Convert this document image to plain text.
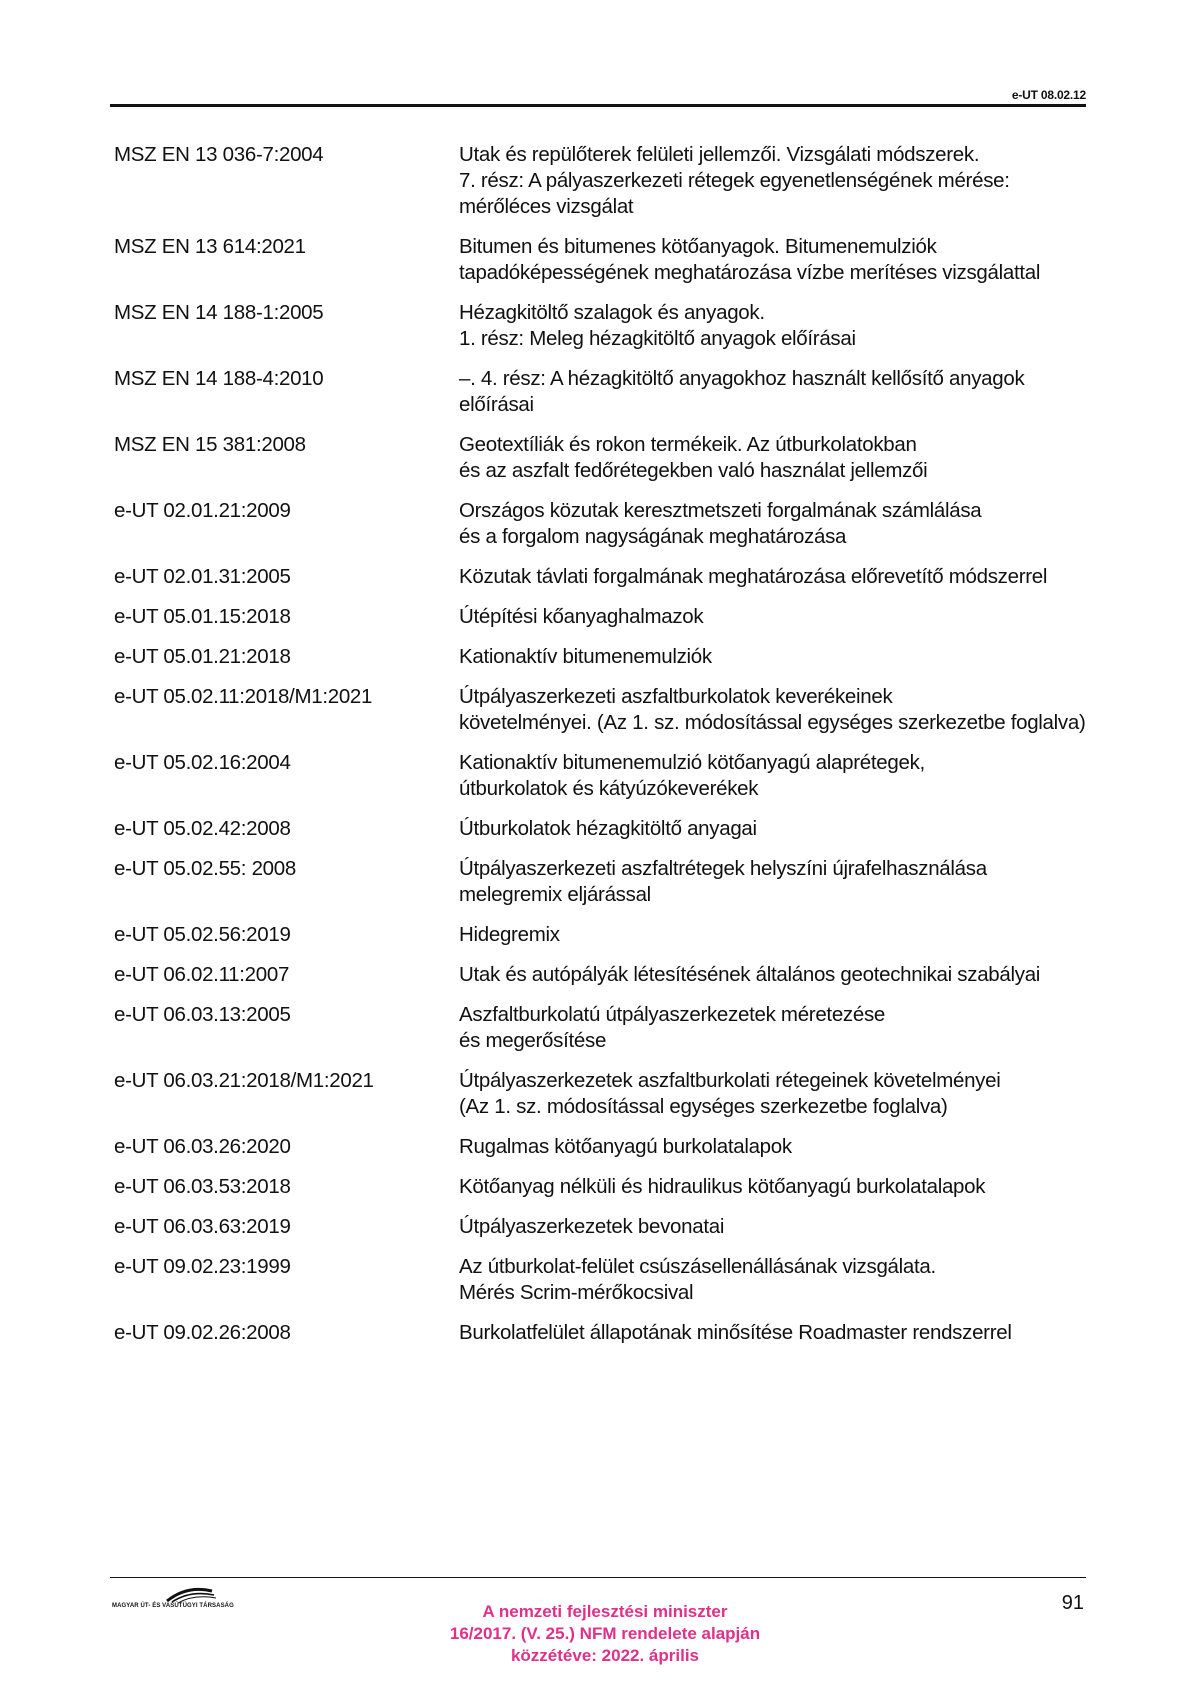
e-UT 08.02.12
MSZ EN 13 036-7:2004	Utak és repülőterek felületi jellemzői. Vizsgálati módszerek.
7. rész: A pályaszerkezeti rétegek egyenetlenségének mérése: mérőléces vizsgálat
MSZ EN 13 614:2021	Bitumen és bitumenes kötőanyagok. Bitumenemulziók tapadóképességének meghatározása vízbe merítéses vizsgálattal
MSZ EN 14 188-1:2005	Hézagkitöltő szalagok és anyagok.
1. rész: Meleg hézagkitöltő anyagok előírásai
MSZ EN 14 188-4:2010	–. 4. rész: A hézagkitöltő anyagokhoz használt kellősítő anyagok előírásai
MSZ EN 15 381:2008	Geotextíliák és rokon termékeik. Az útburkolatokban
és az aszfalt fedőrétegekben való használat jellemzői
e-UT 02.01.21:2009	Országos közutak keresztmetszeti forgalmának számlálása
és a forgalom nagyságának meghatározása
e-UT 02.01.31:2005	Közutak távlati forgalmának meghatározása előrevetítő módszerrel
e-UT 05.01.15:2018	Útépítési kőanyaghalmazok
e-UT 05.01.21:2018	Kationaktív bitumenemulziók
e-UT 05.02.11:2018/M1:2021	Útpályaszerkezeti aszfaltburkolatok keverékeinek
követelményei. (Az 1. sz. módosítással egységes szerkezetbe foglalva)
e-UT 05.02.16:2004	Kationaktív bitumenemulzió kötőanyagú alaprétegek,
útburkolatok és kátyúzókeverékek
e-UT 05.02.42:2008	Útburkolatok hézagkitöltő anyagai
e-UT 05.02.55: 2008	Útpályaszerkezeti aszfaltrétegek helyszíni újrafelhasználása melegremix eljárással
e-UT 05.02.56:2019	Hidegremix
e-UT 06.02.11:2007	Utak és autópályák létesítésének általános geotechnikai szabályai
e-UT 06.03.13:2005	Aszfaltburkolatú útpályaszerkezetek méretezése
és megerősítése
e-UT 06.03.21:2018/M1:2021	Útpályaszerkezetek aszfaltburkolati rétegeinek követelményei
(Az 1. sz. módosítással egységes szerkezetbe foglalva)
e-UT 06.03.26:2020	Rugalmas kötőanyagú burkolatalapok
e-UT 06.03.53:2018	Kötőanyag nélküli és hidraulikus kötőanyagú burkolatalapok
e-UT 06.03.63:2019	Útpályaszerkezetek bevonatai
e-UT 09.02.23:1999	Az útburkolat-felület csúszásellenállásának vizsgálata.
Mérés Scrim-mérőkocsival
e-UT 09.02.26:2008	Burkolatfelület állapotának minősítése Roadmaster rendszerrel
MAGYAR ÚT- ÉS VASÚTÜGYI TÁRSASÁG	A nemzeti fejlesztési miniszter
16/2017. (V. 25.) NFM rendelete alapján
közzétéve: 2022. április
91
